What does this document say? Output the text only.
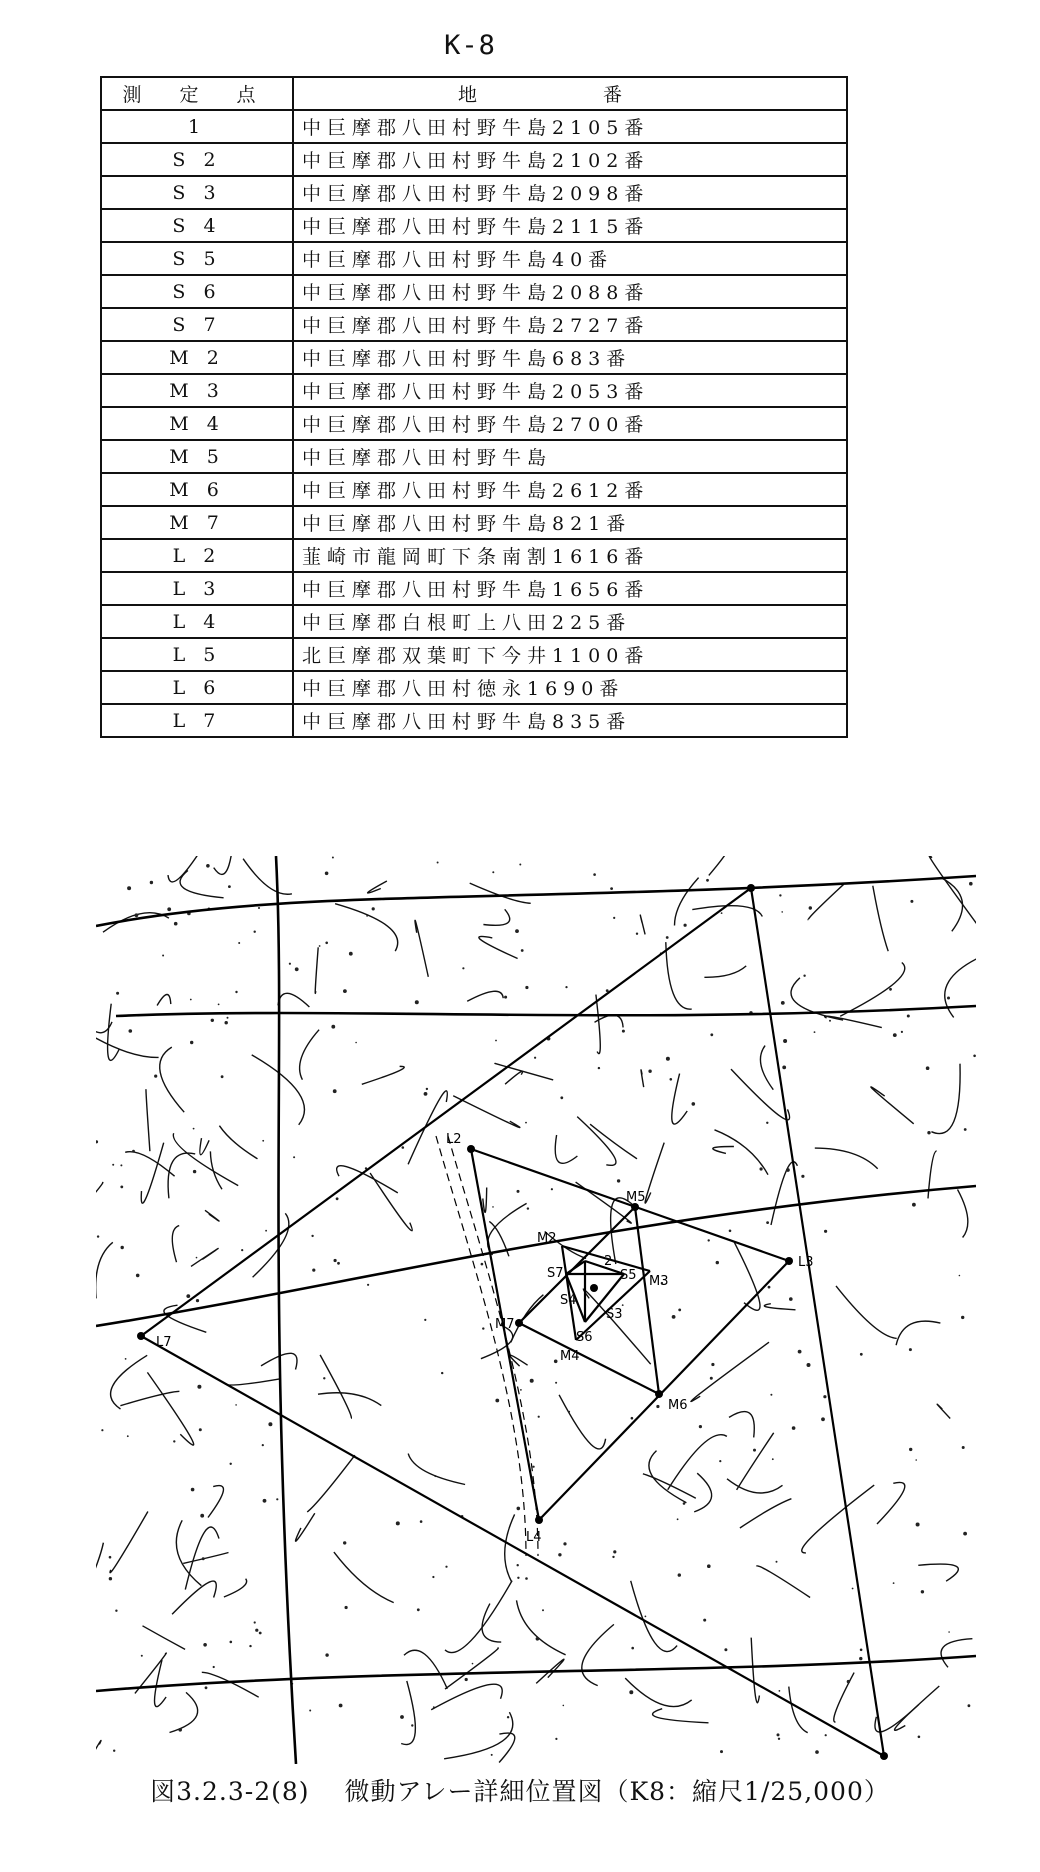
K-8
測 定 点	地 番
1	中巨摩郡八田村野牛島2105番
S 2	中巨摩郡八田村野牛島2102番
S 3	中巨摩郡八田村野牛島2098番
S 4	中巨摩郡八田村野牛島2115番
S 5	中巨摩郡八田村野牛島40番
S 6	中巨摩郡八田村野牛島2088番
S 7	中巨摩郡八田村野牛島2727番
M 2	中巨摩郡八田村野牛島683番
M 3	中巨摩郡八田村野牛島2053番
M 4	中巨摩郡八田村野牛島2700番
M 5	中巨摩郡八田村野牛島
M 6	中巨摩郡八田村野牛島2612番
M 7	中巨摩郡八田村野牛島821番
L 2	韮崎市龍岡町下条南割1616番
L 3	中巨摩郡八田村野牛島1656番
L 4	中巨摩郡白根町上八田225番
L 5	北巨摩郡双葉町下今井1100番
L 6	中巨摩郡八田村徳永1690番
L 7	中巨摩郡八田村野牛島835番
L2
L3
L4
L7
M2
M3
M4
M5
M6
M7
2
S3
S4
S5
S6
S7
図3.2.3-2(8)　 微動アレー詳細位置図（K8：縮尺1/25,000）
